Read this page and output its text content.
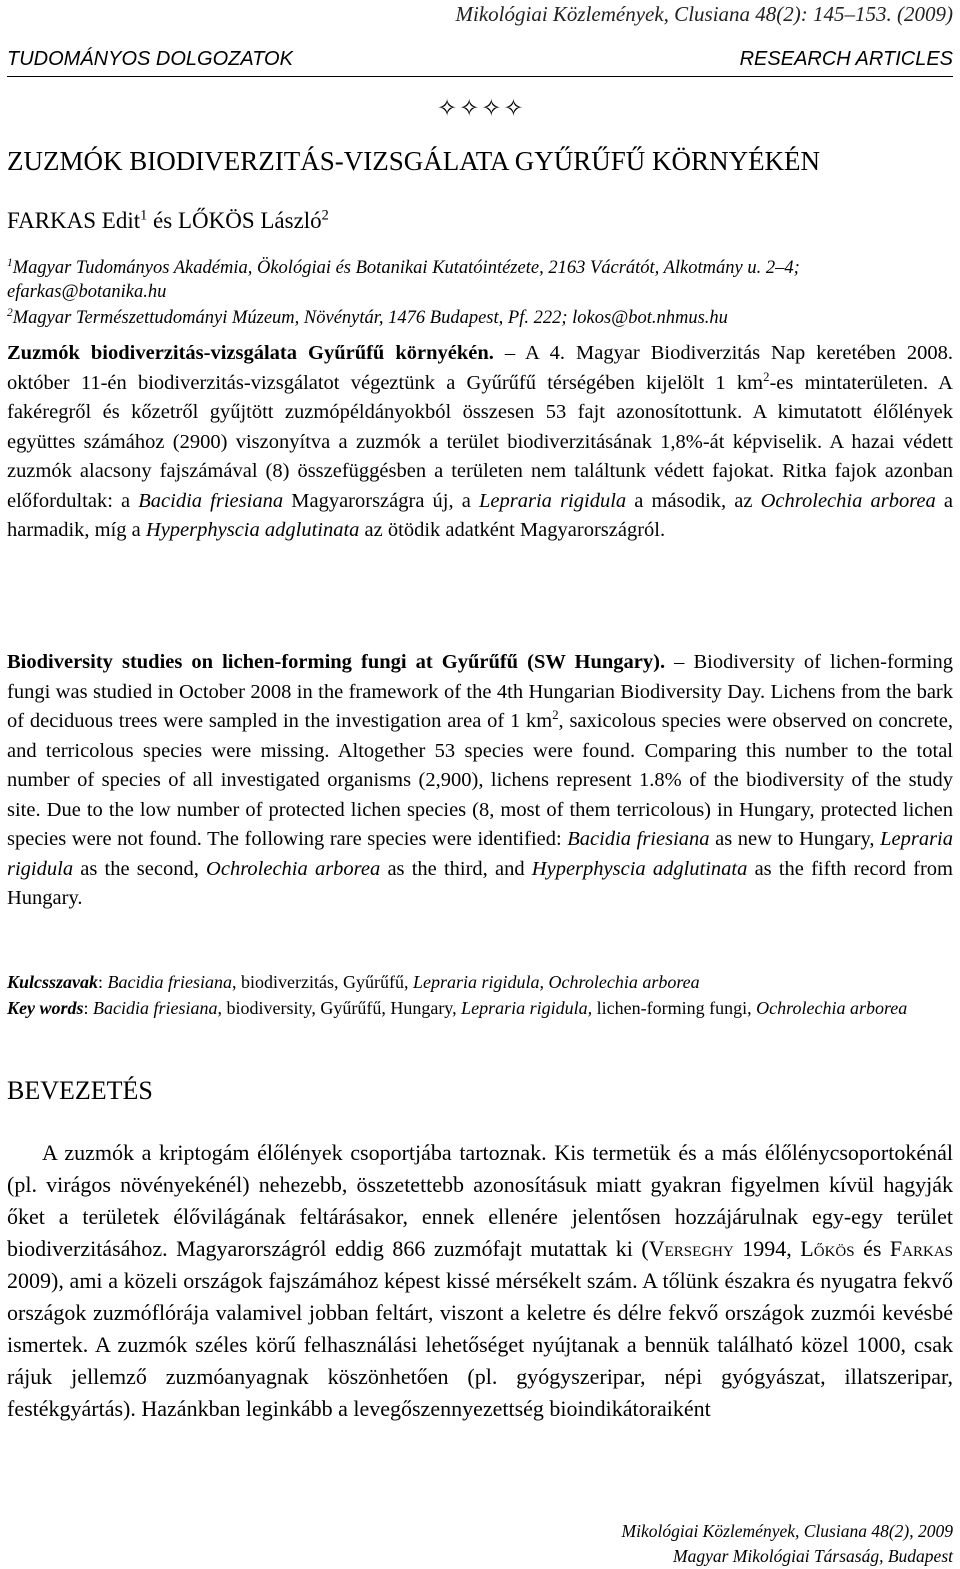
Mikológiai Közlemények, Clusiana 48(2): 145–153. (2009)
TUDOMÁNYOS DOLGOZATOK	RESEARCH ARTICLES
✧✧✧✧
ZUZMÓK BIODIVERZITÁS-VIZSGÁLATA GYŰRŰFŰ KÖRNYÉKÉN
FARKAS Edit$^1$ és LŐKÖS László$^2$
$^1$Magyar Tudományos Akadémia, Ökológiai és Botanikai Kutatóintézete, 2163 Vácrátót, Alkotmány u. 2–4; efarkas@botanika.hu
$^2$Magyar Természettudományi Múzeum, Növénytár, 1476 Budapest, Pf. 222; lokos@bot.nhmus.hu
Zuzmók biodiverzitás-vizsgálata Gyűrűfű környékén. – A 4. Magyar Biodiverzitás Nap keretében 2008. október 11-én biodiverzitás-vizsgálatot végeztünk a Gyűrűfű térségében kijelölt 1 $km^2-es$ mintaterületen. A fakéregről és kőzetről gyűjtött zuzmópéldányokból összesen 53 fajt azonosítottunk. A kimutatott élőlények együttes számához (2900) viszonyítva a zuzmók a terület biodiverzitásának 1,8%-át képviselik. A hazai védett zuzmók alacsony fajszámával (8) összefüggésben a területen nem találtunk védett fajokat. Ritka fajok azonban előfordultak: a Bacidia friesiana Magyarországra új, a Lepraria rigidula a második, az Ochrolechia arborea a harmadik, míg a Hyperphyscia adglutinata az ötödik adatként Magyarországról.
Biodiversity studies on lichen-forming fungi at Gyűrűfű (SW Hungary). – Biodiversity of lichen-forming fungi was studied in October 2008 in the framework of the 4th Hungarian Biodiversity Day. Lichens from the bark of deciduous trees were sampled in the investigation area of 1 $km^2$, saxicolous species were observed on concrete, and terricolous species were missing. Altogether 53 species were found. Comparing this number to the total number of species of all investigated organisms (2,900), lichens represent 1.8% of the biodiversity of the study site. Due to the low number of protected lichen species (8, most of them terricolous) in Hungary, protected lichen species were not found. The following rare species were identified: Bacidia friesiana as new to Hungary, Lepraria rigidula as the second, Ochrolechia arborea as the third, and Hyperphyscia adglutinata as the fifth record from Hungary.
Kulcsszavak: Bacidia friesiana, biodiverzitás, Gyűrűfű, Lepraria rigidula, Ochrolechia arborea
Key words: Bacidia friesiana, biodiversity, Gyűrűfű, Hungary, Lepraria rigidula, lichen-forming fungi, Ochrolechia arborea
BEVEZETÉS
A zuzmók a kriptogám élőlények csoportjába tartoznak. Kis termetük és a más élőlénycsoportokénál (pl. virágos növényekénél) nehezebb, összetettebb azonosításuk miatt gyakran figyelmen kívül hagyják őket a területek élővilágának feltárásakor, ennek ellenére jelentősen hozzájárulnak egy-egy terület biodiverzitásához. Magyarországról eddig 866 zuzmófajt mutattak ki (Verseghy 1994, Lőkös és Farkas 2009), ami a közeli országok fajszámához képest kissé mérsékelt szám. A tőlünk északra és nyugatra fekvő országok zuzmóflórája valamivel jobban feltárt, viszont a keletre és délre fekvő országok zuzmói kevésbé ismertek. A zuzmók széles körű felhasználási lehetőséget nyújtanak a bennük található közel 1000, csak rájuk jellemző zuzmóanyagnak köszönhetően (pl. gyógyszeripar, népi gyógyászat, illatszeripar, festékgyártás). Hazánkban leginkább a levegőszennyezettség bioindikátoraiként
Mikológiai Közlemények, Clusiana 48(2), 2009
Magyar Mikológiai Társaság, Budapest
